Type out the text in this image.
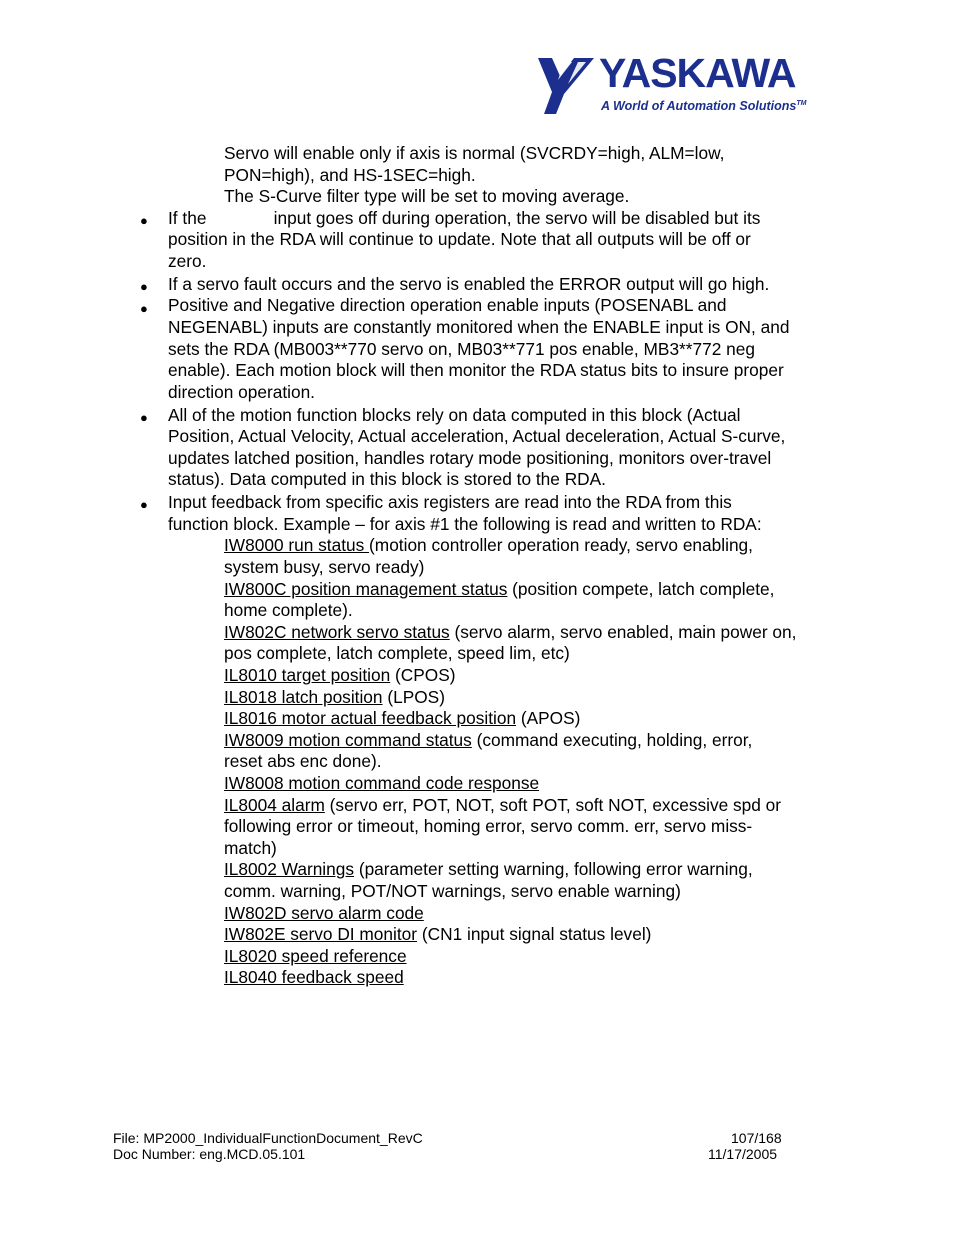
YASKAWA
A World of Automation Solutions™
Servo will enable only if axis is normal (SVCRDY=high, ALM=low,
PON=high), and HS-1SEC=high.
The S-Curve filter type will be set to moving average.
● If the              input goes off during operation, the servo will be disabled but its
position in the RDA will continue to update. Note that all outputs will be off or
zero.
● If a servo fault occurs and the servo is enabled the ERROR output will go high.
● Positive and Negative direction operation enable inputs (POSENABL and
NEGENABL) inputs are constantly monitored when the ENABLE input is ON, and
sets the RDA (MB003**770 servo on, MB03**771 pos enable, MB3**772 neg
enable). Each motion block will then monitor the RDA status bits to insure proper
direction operation.
● All of the motion function blocks rely on data computed in this block (Actual
Position, Actual Velocity, Actual acceleration, Actual deceleration, Actual S-curve,
updates latched position, handles rotary mode positioning, monitors over-travel
status). Data computed in this block is stored to the RDA.
● Input feedback from specific axis registers are read into the RDA from this
function block. Example – for axis #1 the following is read and written to RDA:
IW8000 run status (motion controller operation ready, servo enabling,
system busy, servo ready)
IW800C position management status (position compete, latch complete,
home complete).
IW802C network servo status (servo alarm, servo enabled, main power on,
pos complete, latch complete, speed lim, etc)
IL8010 target position (CPOS)
IL8018 latch position (LPOS)
IL8016 motor actual feedback position (APOS)
IW8009 motion command status (command executing, holding, error,
reset abs enc done).
IW8008 motion command code response
IL8004 alarm (servo err, POT, NOT, soft POT, soft NOT, excessive spd or
following error or timeout, homing error, servo comm. err, servo miss-
match)
IL8002 Warnings (parameter setting warning, following error warning,
comm. warning, POT/NOT warnings, servo enable warning)
IW802D servo alarm code
IW802E servo DI monitor (CN1 input signal status level)
IL8020 speed reference
IL8040 feedback speed
File: MP2000_IndividualFunctionDocument_RevC
Doc Number: eng.MCD.05.101
107/168
11/17/2005
